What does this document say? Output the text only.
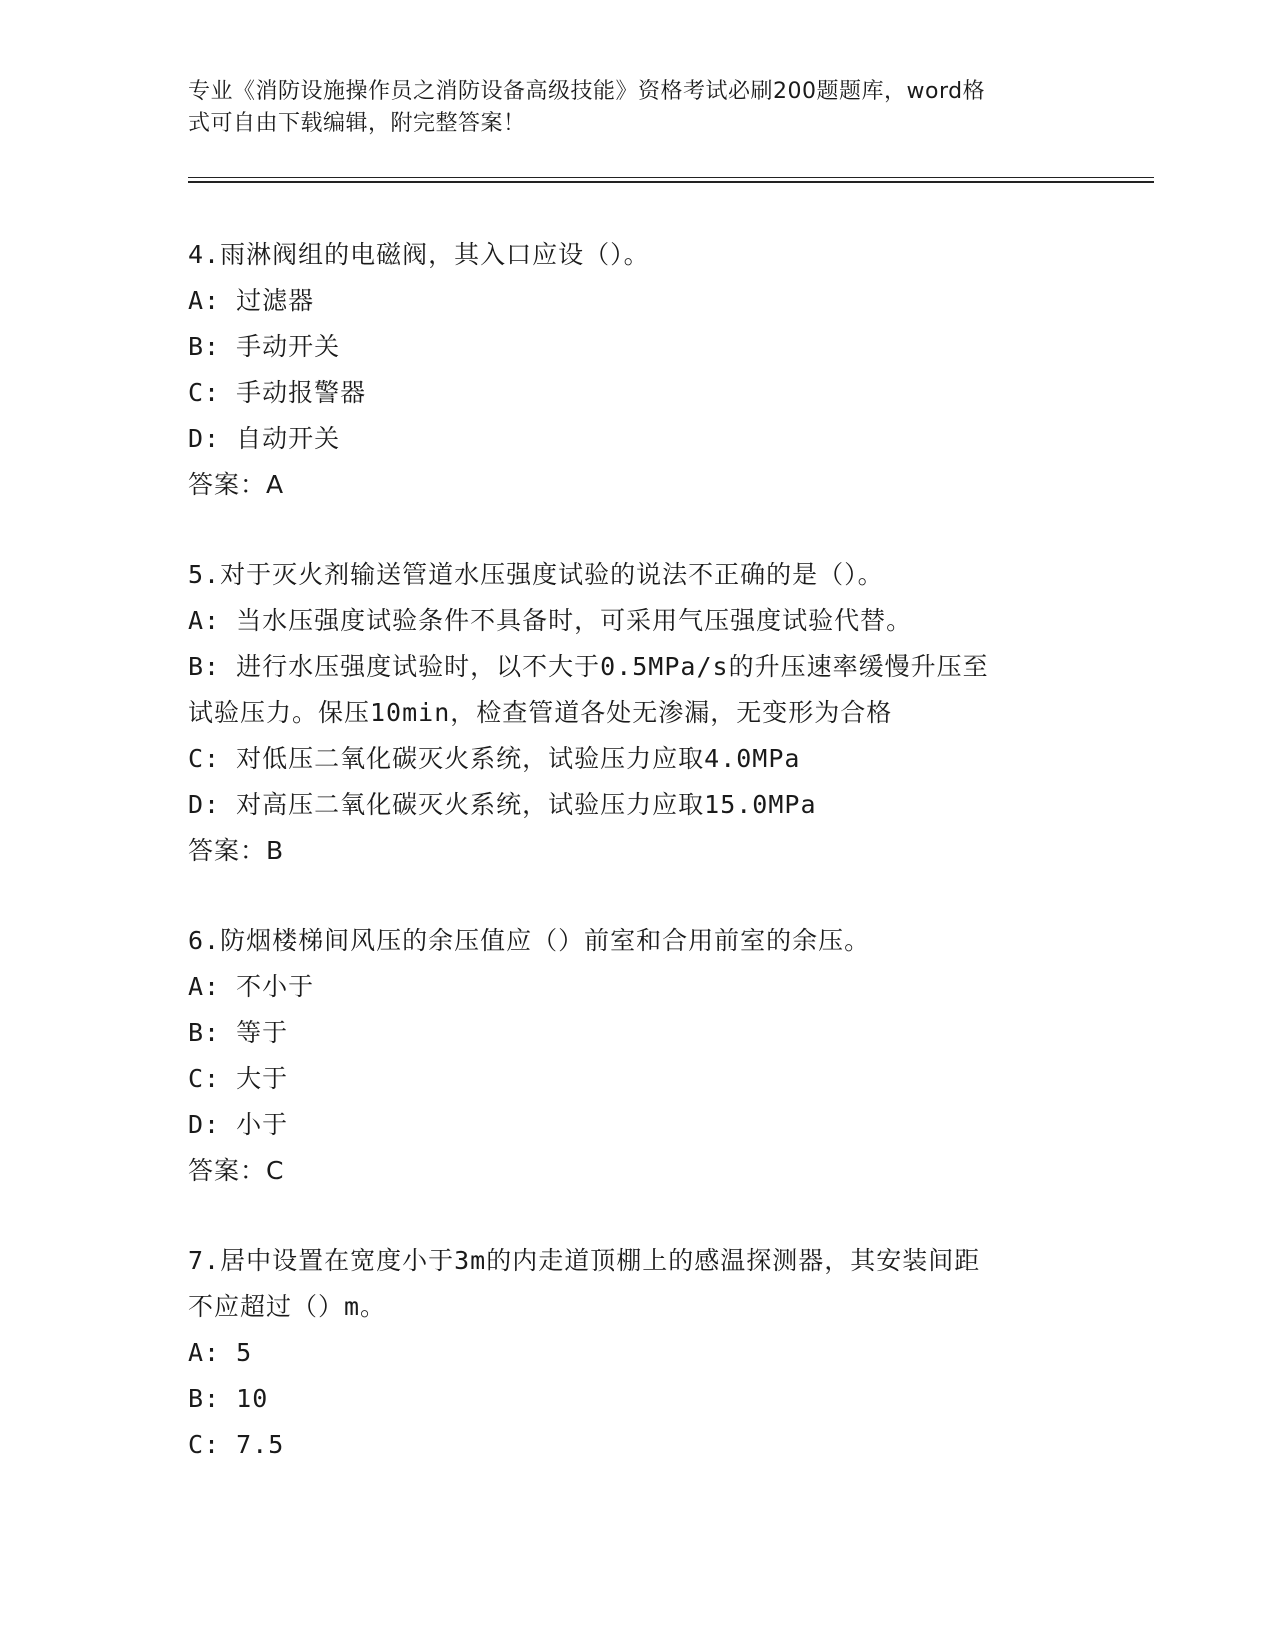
专业《消防设施操作员之消防设备高级技能》资格考试必刷200题题库，word格
式可自由下载编辑，附完整答案！
4.雨淋阀组的电磁阀，其入口应设（）。
A: 过滤器
B: 手动开关
C: 手动报警器
D: 自动开关
答案：A
5.对于灭火剂输送管道水压强度试验的说法不正确的是（）。
A: 当水压强度试验条件不具备时，可采用气压强度试验代替。
B: 进行水压强度试验时，以不大于0.5MPa/s的升压速率缓慢升压至
试验压力。保压10min，检查管道各处无渗漏，无变形为合格
C: 对低压二氧化碳灭火系统，试验压力应取4.0MPa
D: 对高压二氧化碳灭火系统，试验压力应取15.0MPa
答案：B
6.防烟楼梯间风压的余压值应（）前室和合用前室的余压。
A: 不小于
B: 等于
C: 大于
D: 小于
答案：C
7.居中设置在宽度小于3m的内走道顶棚上的感温探测器，其安装间距
不应超过（）m。
A: 5
B: 10
C: 7.5
